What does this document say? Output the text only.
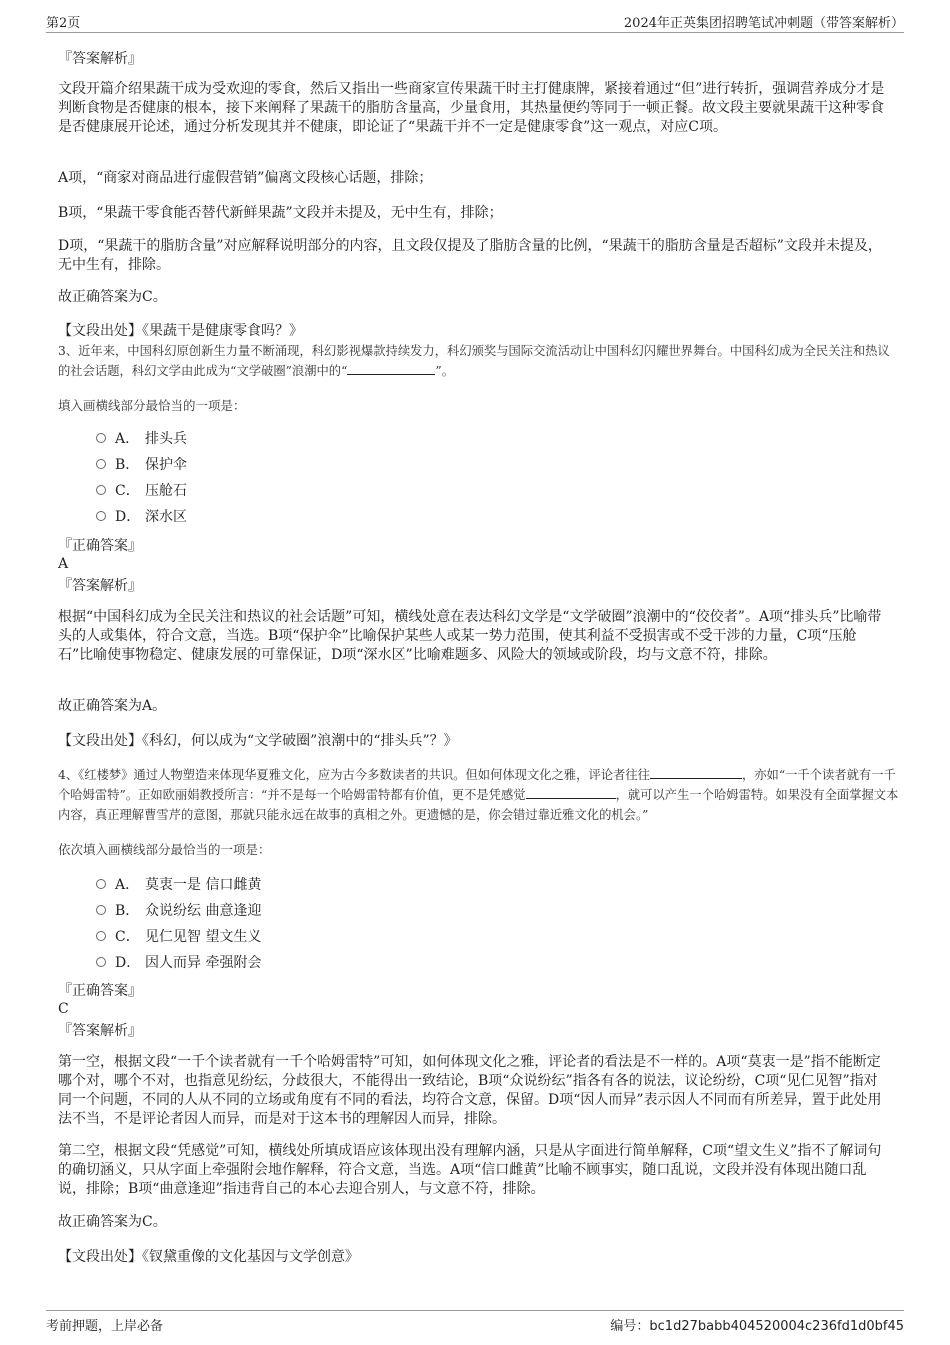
第2页	2024年正英集团招聘笔试冲刺题（带答案解析）
『答案解析』
文段开篇介绍果蔬干成为受欢迎的零食，然后又指出一些商家宣传果蔬干时主打健康牌，紧接着通过“但”进行转折，强调营养成分才是判断食物是否健康的根本，接下来阐释了果蔬干的脂肪含量高，少量食用，其热量便约等同于一顿正餐。故文段主要就果蔬干这种零食是否健康展开论述，通过分析发现其并不健康，即论证了“果蔬干并不一定是健康零食”这一观点，对应C项。
A项，“商家对商品进行虚假营销”偏离文段核心话题，排除；
B项，“果蔬干零食能否替代新鲜果蔬”文段并未提及，无中生有，排除；
D项，“果蔬干的脂肪含量”对应解释说明部分的内容，且文段仅提及了脂肪含量的比例，“果蔬干的脂肪含量是否超标”文段并未提及，无中生有，排除。
故正确答案为C。
【文段出处】《果蔬干是健康零食吗？》
3、近年来，中国科幻原创新生力量不断涌现，科幻影视爆款持续发力，科幻颁奖与国际交流活动让中国科幻闪耀世界舞台。中国科幻成为全民关注和热议的社会话题，科幻文学由此成为“文学破圈”浪潮中的“	”。
填入画横线部分最恰当的一项是：
A． 排头兵
B． 保护伞
C． 压舱石
D． 深水区
『正确答案』
A
『答案解析』
根据“中国科幻成为全民关注和热议的社会话题”可知，横线处意在表达科幻文学是“文学破圈”浪潮中的“佼佼者”。A项“排头兵”比喻带头的人或集体，符合文意，当选。B项“保护伞”比喻保护某些人或某一势力范围，使其利益不受损害或不受干涉的力量，C项“压舱石”比喻使事物稳定、健康发展的可靠保证，D项“深水区”比喻难题多、风险大的领域或阶段，均与文意不符，排除。
故正确答案为A。
【文段出处】《科幻，何以成为“文学破圈”浪潮中的“排头兵”？》
4、《红楼梦》通过人物塑造来体现华夏雅文化，应为古今多数读者的共识。但如何体现文化之雅，评论者往往	，亦如“一千个读者就有一千个哈姆雷特”。正如欧丽娟教授所言：“并不是每一个哈姆雷特都有价值，更不是凭感觉	，就可以产生一个哈姆雷特。如果没有全面掌握文本内容，真正理解曹雪芹的意图，那就只能永远在故事的真相之外。更遗憾的是，你会错过靠近雅文化的机会。”
依次填入画横线部分最恰当的一项是：
A． 莫衷一是 信口雌黄
B． 众说纷纭 曲意逢迎
C． 见仁见智 望文生义
D． 因人而异 牵强附会
『正确答案』
C
『答案解析』
第一空，根据文段“一千个读者就有一千个哈姆雷特”可知，如何体现文化之雅，评论者的看法是不一样的。A项“莫衷一是”指不能断定哪个对，哪个不对，也指意见纷纭，分歧很大，不能得出一致结论，B项“众说纷纭”指各有各的说法，议论纷纷，C项“见仁见智”指对同一个问题，不同的人从不同的立场或角度有不同的看法，均符合文意，保留。D项“因人而异”表示因人不同而有所差异，置于此处用法不当，不是评论者因人而异，而是对于这本书的理解因人而异，排除。
第二空，根据文段“凭感觉”可知，横线处所填成语应该体现出没有理解内涵，只是从字面进行简单解释，C项“望文生义”指不了解词句的确切涵义，只从字面上牵强附会地作解释，符合文意，当选。A项“信口雌黄”比喻不顾事实，随口乱说，文段并没有体现出随口乱说，排除；B项“曲意逢迎”指违背自己的本心去迎合别人，与文意不符，排除。
故正确答案为C。
【文段出处】《钗黛重像的文化基因与文学创意》
考前押题，上岸必备	编号：bc1d27babb404520004c236fd1d0bf45
